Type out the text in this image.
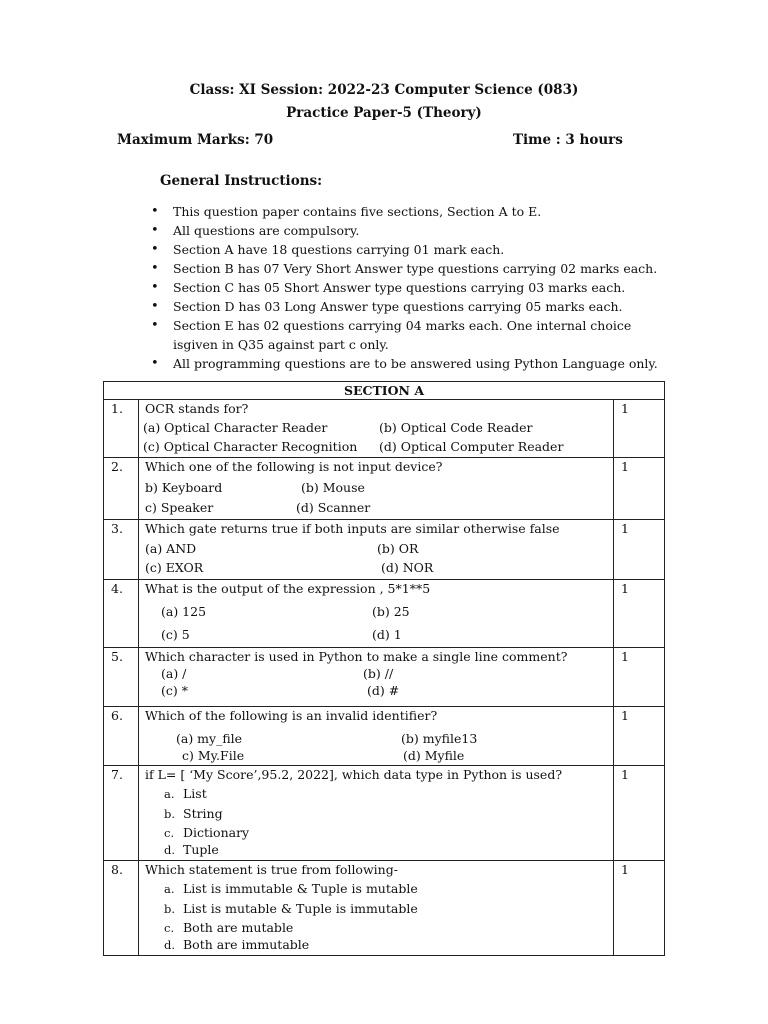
Class: XI Session: 2022-23 Computer Science (083)
Practice Paper-5 (Theory)
Maximum Marks: 70	Time : 3 hours
General Instructions:
• This question paper contains five sections, Section A to E.
• All questions are compulsory.
• Section A have 18 questions carrying 01 mark each.
• Section B has 07 Very Short Answer type questions carrying 02 marks each.
• Section C has 05 Short Answer type questions carrying 03 marks each.
• Section D has 03 Long Answer type questions carrying 05 marks each.
• Section E has 02 questions carrying 04 marks each. One internal choice
isgiven in Q35 against part c only.
• All programming questions are to be answered using Python Language only.
SECTION A		
1.	OCR stands for?
(a) Optical Character Reader (b) Optical Code Reader
(c) Optical Character Recognition (d) Optical Computer Reader	1
2.	Which one of the following is not input device?
b) Keyboard (b) Mouse
c) Speaker (d) Scanner	1
3.	Which gate returns true if both inputs are similar otherwise false
(a) AND (b) OR
(c) EXOR (d) NOR	1
4.	What is the output of the expression , 5*1**5
(a) 125 (b) 25
(c) 5 (d) 1	1
5.	Which character is used in Python to make a single line comment?
(a) / (b) //
(c) * (d) #	1
6.	Which of the following is an invalid identifier?
(a) my_file (b) myfile13
c) My.File (d) Myfile	1
7.	if L= [ ‘My Score’,95.2, 2022], which data type in Python is used?
a. List
b. String
c. Dictionary
d. Tuple	1
8.	Which statement is true from following-
a. List is immutable & Tuple is mutable
b. List is mutable & Tuple is immutable
c. Both are mutable
d. Both are immutable	1
